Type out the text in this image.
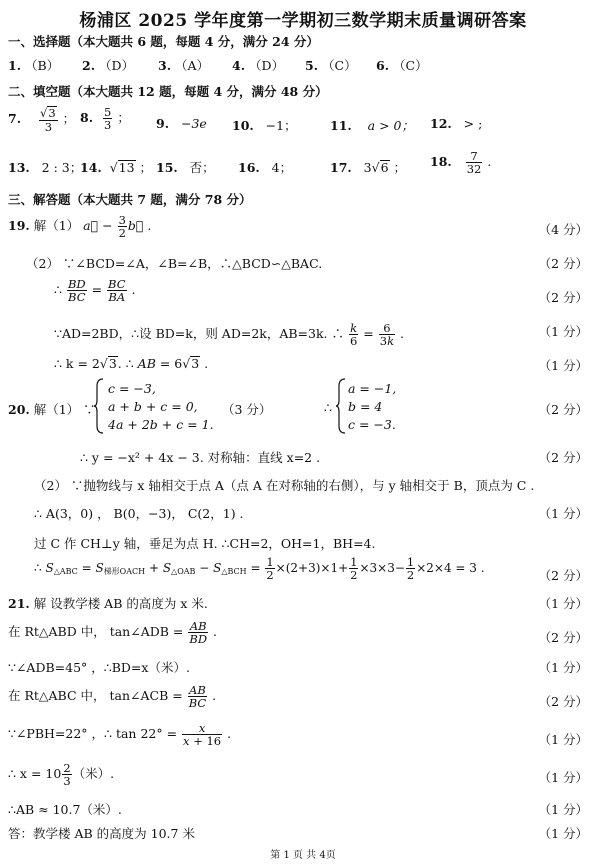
杨浦区 2025 学年度第一学期初三数学期末质量调研答案
一、选择题（本大题共 6 题，每题 4 分，满分 24 分）
1. （B） 2. （D） 3. （A） 4. （D） 5. （C） 6. （C）
二、填空题（本大题共 12 题，每题 4 分，满分 48 分）
7. $\frac{√3}{3}$ ； 8. $\frac{5}{3}$ ； 9. −3e 10. −1；	11. a > 0； 12. > ;
13. 2 : 3；
14.  √13 ； 15. 否； 16. 4；	17. 3√6 ； 18. $\frac{7}{32}$ .
三、解答题（本大题共 7 题，满分 78 分）
19. 解（1） a⃗ − $\frac{3}{2}$ b⃗ .	（4 分）
（2） ∵∠BCD=∠A，∠B=∠B，∴△BCD∽△BAC.	（2 分）
∴ $\frac{BD}{BC} = \frac{BC}{BA}$ .
（2 分）
∵AD=2BD，∴设 BD=k，则 AD=2k，AB=3k. ∴ $\frac{k}{6} = \frac{6}{3k}$ .	（1 分）
∴ k = 2√3. ∴ AB = 6√3 .	（1 分）
20. 解（1） ∵
c = −3,
a + b + c = 0,
4a + 2b + c = 1.
（3 分）	∴
a = −1,
b = 4
c = −3.
（2 分）
∴ y = −x² + 4x − 3. 对称轴：直线 x=2 .	（2 分）
（2） ∵抛物线与 x 轴相交于点 A（点 A 在对称轴的右侧），与 y 轴相交于 B，顶点为 C .
∴ A(3，0) ， B(0，−3)， C(2，1) .	（1 分）
过 C 作 CH⊥y 轴，垂足为点 H. ∴CH=2，OH=1，BH=4.
∴ $S_{\triangle ABC} = S_{梯形OACH} + S_{\triangle OAB} - S_{\triangle BCH} = \frac{1}{2} \times(2+3)\times 1+ \frac{1}{2} \times 3\times 3- \frac{1}{2} \times 2\times 4 = 3$ .	（2 分）
21. 解 设教学楼 AB 的高度为 x 米.	（1 分）
在 Rt△ABD 中， tan∠ADB = $\frac{AB}{BD}$ .	（2 分）
∵∠ADB=45° ，∴BD=x（米）.	（1 分）
在 Rt△ABC 中， tan∠ACB = $\frac{AB}{BC}$ .	（2 分）
∵∠PBH=22° ，∴ $\tan 22^\circ = \frac{x}{x + 16}$ .	（1 分）
∴ $x = 10 \frac{2}{3}$ （米）.	（1 分）
∴AB ≈ 10.7（米）.	（1 分）
答：教学楼 AB 的高度为 10.7 米	（1 分）
第 1 页 共 4页
